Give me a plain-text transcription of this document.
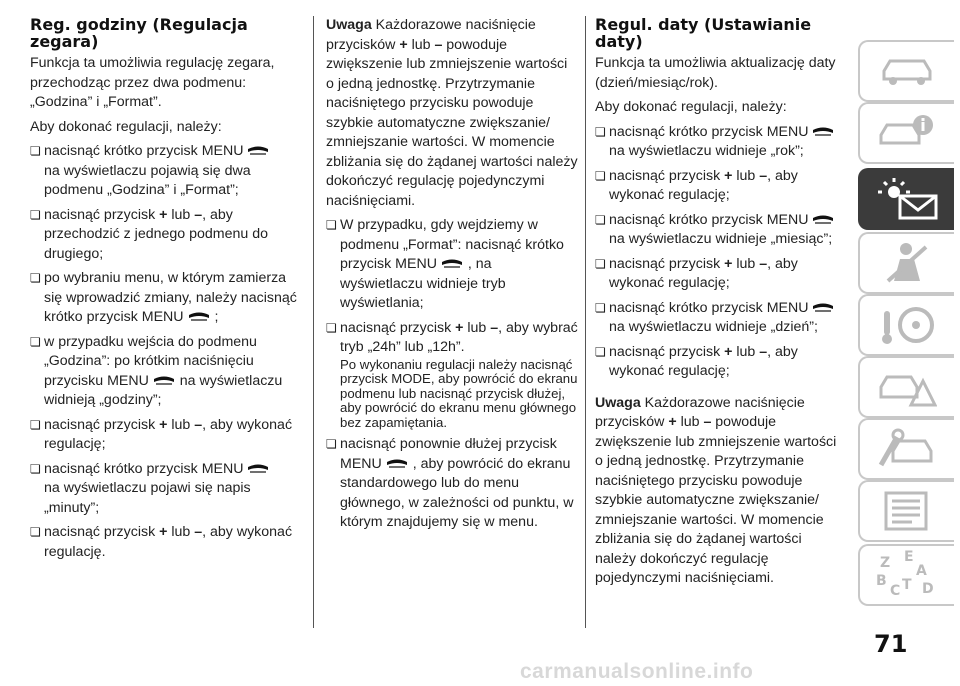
Reg. godziny (Regulacja zegara)

Funkcja ta umożliwia regulację zegara, przechodząc przez dwa podmenu: „Godzina” i „Format”.

Aby dokonać regulacji, należy:

❏ nacisnąć krótko przycisk MENU
na wyświetlaczu pojawią się dwa podmenu „Godzina” i „Format”;
❏ nacisnąć przycisk + lub –, aby przechodzić z jednego podmenu do drugiego;
❏ po wybraniu menu, w którym zamierza się wprowadzić zmiany, należy nacisnąć krótko przycisk MENU ;
❏ w przypadku wejścia do podmenu „Godzina”: po krótkim naciśnięciu przycisku MENU na wyświetlaczu widnieją „godziny”;
❏ nacisnąć przycisk + lub –, aby wykonać regulację;
❏ nacisnąć krótko przycisk MENU
na wyświetlaczu pojawi się napis „minuty”;
❏ nacisnąć przycisk + lub –, aby wykonać regulację.

Uwaga Każdorazowe naciśnięcie przycisków + lub – powoduje zwiększenie lub zmniejszenie wartości o jedną jednostkę. Przytrzymanie naciśniętego przycisku powoduje szybkie automatyczne zwiększanie/ zmniejszanie wartości. W momencie zbliżania się do żądanej wartości należy dokończyć regulację pojedynczymi naciśnięciami.

❏ W przypadku, gdy wejdziemy w podmenu „Format”: nacisnąć krótko przycisk MENU , na wyświetlaczu widnieje tryb wyświetlania;
❏ nacisnąć przycisk + lub –, aby wybrać tryb „24h” lub „12h”.
Po wykonaniu regulacji należy nacisnąć przycisk MODE, aby powrócić do ekranu podmenu lub nacisnąć przycisk dłużej, aby powrócić do ekranu menu głównego bez zapamiętania.
❏ nacisnąć ponownie dłużej przycisk MENU , aby powrócić do ekranu standardowego lub do menu głównego, w zależności od punktu, w którym znajdujemy się w menu.
Regul. daty (Ustawianie daty)

Funkcja ta umożliwia aktualizację daty (dzień/miesiąc/rok).

Aby dokonać regulacji, należy:

❏ nacisnąć krótko przycisk MENU
na wyświetlaczu widnieje „rok”;
❏ nacisnąć przycisk + lub –, aby wykonać regulację;
❏ nacisnąć krótko przycisk MENU
na wyświetlaczu widnieje „miesiąc”;
❏ nacisnąć przycisk + lub –, aby wykonać regulację;
❏ nacisnąć krótko przycisk MENU
na wyświetlaczu widnieje „dzień”;
❏ nacisnąć przycisk + lub –, aby wykonać regulację;

Uwaga Każdorazowe naciśnięcie przycisków + lub – powoduje zwiększenie lub zmniejszenie wartości o jedną jednostkę. Przytrzymanie naciśniętego przycisku powoduje szybkie automatyczne zwiększanie/ zmniejszanie wartości. W momencie zbliżania się do żądanej wartości należy dokończyć regulację pojedynczymi naciśnięciami.

Z E
A
B
C T D
71
carmanualsonline.info
